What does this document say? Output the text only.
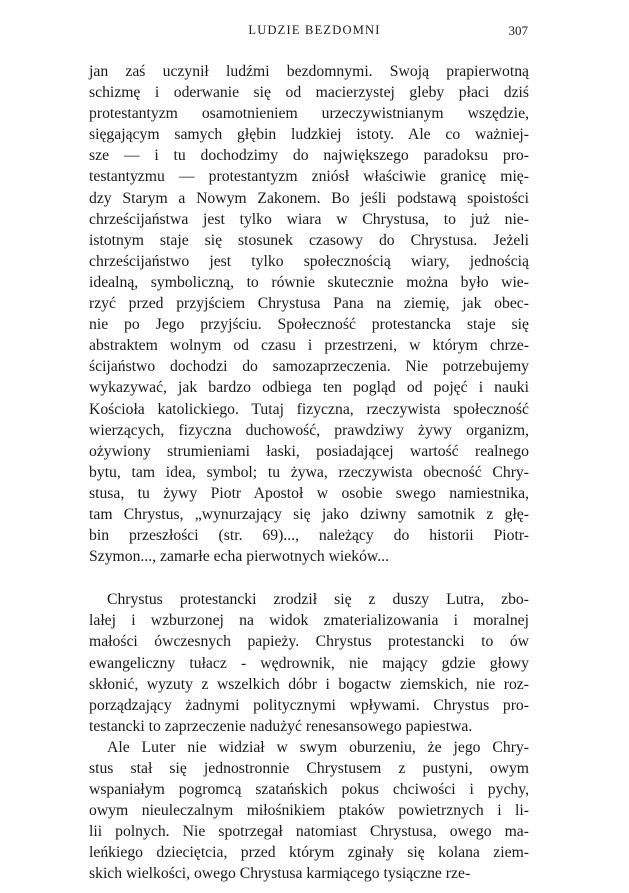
LUDZIE BEZDOMNI	307

jan zaś uczynił ludźmi bezdomnymi. Swoją prapierwotną
schizmę i oderwanie się od macierzystej gleby płaci dziś
protestantyzm osamotnieniem urzeczywistnianym wszędzie,
sięgającym samych głębin ludzkiej istoty. Ale co ważniej-
sze — i tu dochodzimy do największego paradoksu pro-
testantyzmu — protestantyzm zniósł właściwie granicę mię-
dzy Starym a Nowym Zakonem. Bo jeśli podstawą spoistości
chrześcijaństwa jest tylko wiara w Chrystusa, to już nie-
istotnym staje się stosunek czasowy do Chrystusa. Jeżeli
chrześcijaństwo jest tylko społecznością wiary, jednością
idealną, symboliczną, to równie skutecznie można było wie-
rzyć przed przyjściem Chrystusa Pana na ziemię, jak obec-
nie po Jego przyjściu. Społeczność protestancka staje się
abstraktem wolnym od czasu i przestrzeni, w którym chrze-
ścijaństwo dochodzi do samozaprzeczenia. Nie potrzebujemy
wykazywać, jak bardzo odbiega ten pogląd od pojęć i nauki
Kościoła katolickiego. Tutaj fizyczna, rzeczywista społeczność
wierzących, fizyczna duchowość, prawdziwy żywy organizm,
ożywiony strumieniami łaski, posiadającej wartość realnego
bytu, tam idea, symbol; tu żywa, rzeczywista obecność Chry-
stusa, tu żywy Piotr Apostoł w osobie swego namiestnika,
tam Chrystus, „wynurzający się jako dziwny samotnik z głę-
bin przeszłości (str. 69)..., należący do historii Piotr-
Szymon..., zamarłe echa pierwotnych wieków...

Chrystus protestancki zrodził się z duszy Lutra, zbo-
lałej i wzburzonej na widok zmaterializowania i moralnej
małości ówczesnych papieży. Chrystus protestancki to ów
ewangeliczny tułacz - wędrownik, nie mający gdzie głowy
skłonić, wyzuty z wszelkich dóbr i bogactw ziemskich, nie roz-
porządzający żadnymi politycznymi wpływami. Chrystus pro-
testancki to zaprzeczenie nadużyć renesansowego papiestwa.

Ale Luter nie widział w swym oburzeniu, że jego Chry-
stus stał się jednostronnie Chrystusem z pustyni, owym
wspaniałym pogromcą szatańskich pokus chciwości i pychy,
owym nieuleczalnym miłośnikiem ptaków powietrznych i li-
lii polnych. Nie spotrzegał natomiast Chrystusa, owego ma-
leńkiego dzieciętcia, przed którym zginały się kolana ziem-
skich wielkości, owego Chrystusa karmiącego tysiączne rze-
